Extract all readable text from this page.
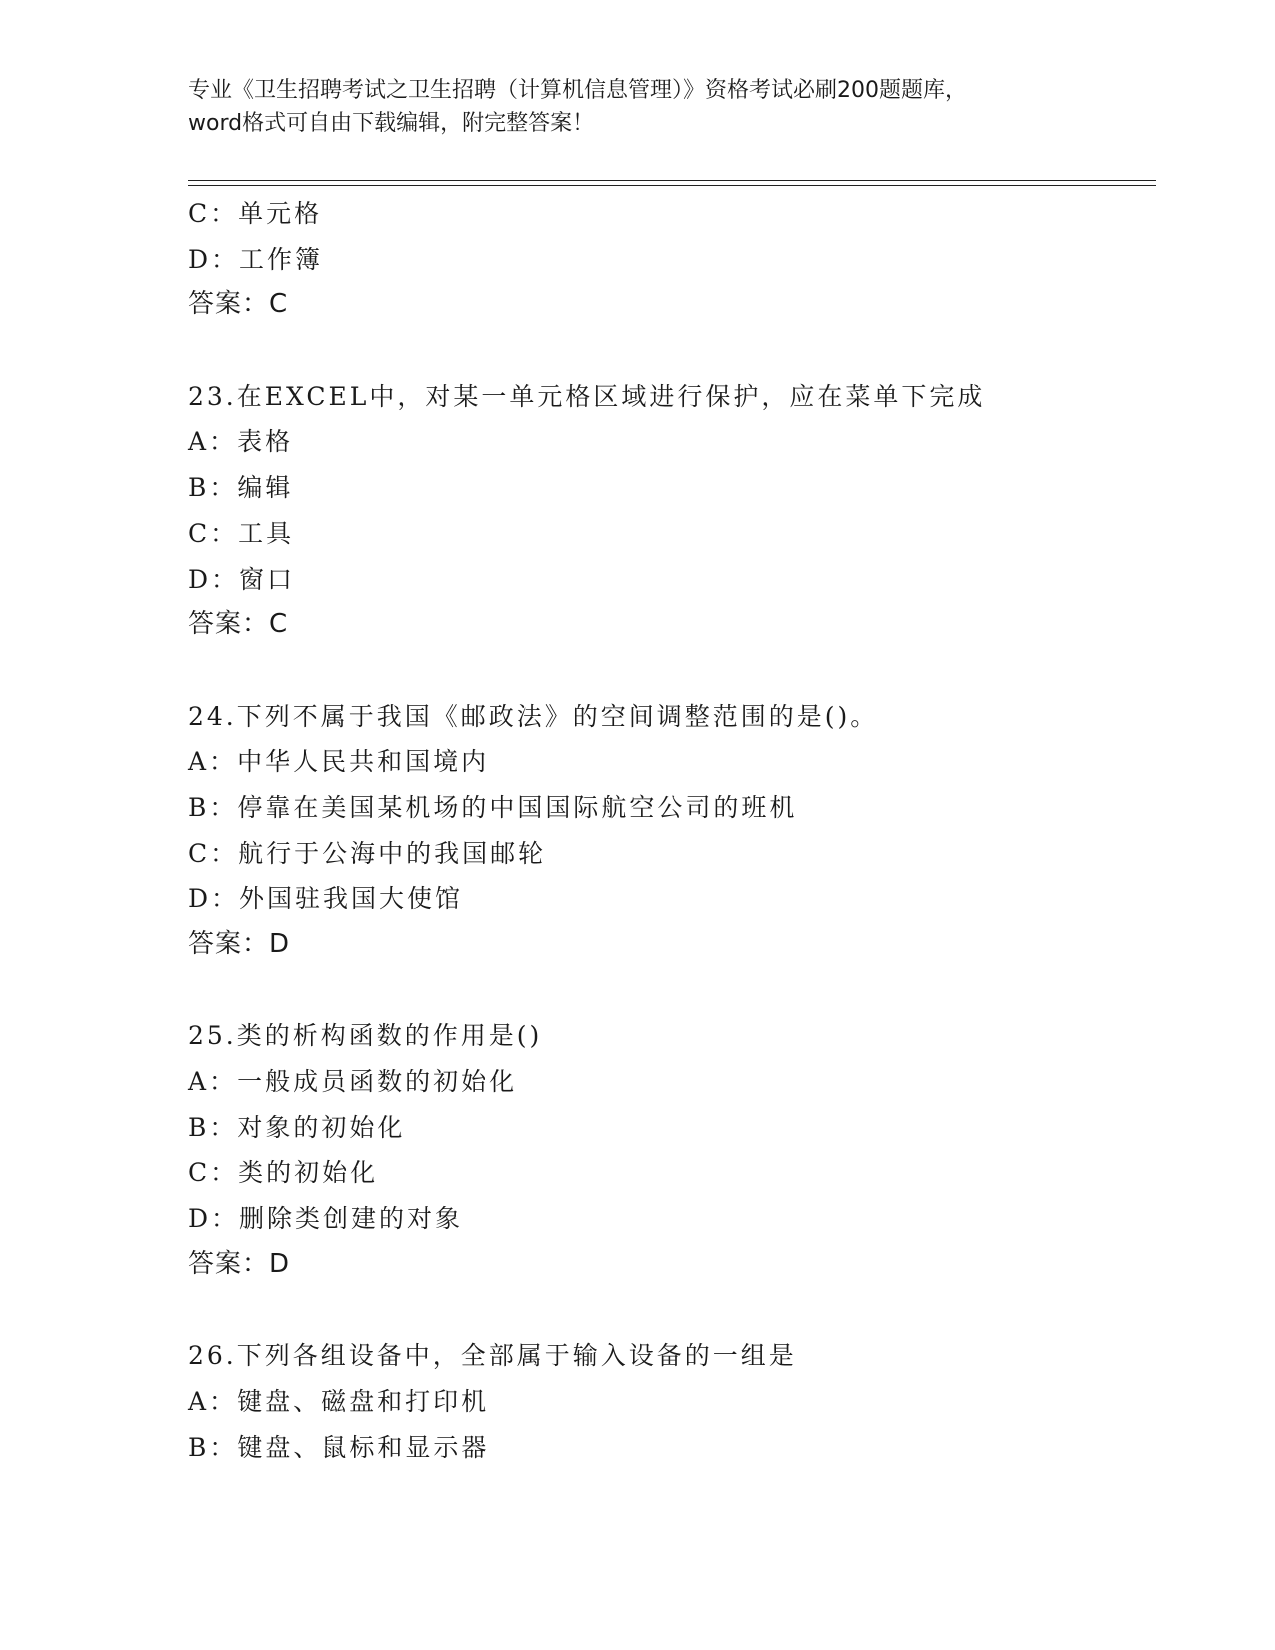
专业《卫生招聘考试之卫生招聘（计算机信息管理）》资格考试必刷200题题库，
word格式可自由下载编辑，附完整答案！
C：单元格
D：工作簿
答案：C
23.在EXCEL中，对某一单元格区域进行保护，应在菜单下完成
A：表格
B：编辑
C：工具
D：窗口
答案：C
24.下列不属于我国《邮政法》的空间调整范围的是()。
A：中华人民共和国境内
B：停靠在美国某机场的中国国际航空公司的班机
C：航行于公海中的我国邮轮
D：外国驻我国大使馆
答案：D
25.类的析构函数的作用是()
A：一般成员函数的初始化
B：对象的初始化
C：类的初始化
D：删除类创建的对象
答案：D
26.下列各组设备中，全部属于输入设备的一组是
A：键盘、磁盘和打印机
B：键盘、鼠标和显示器
